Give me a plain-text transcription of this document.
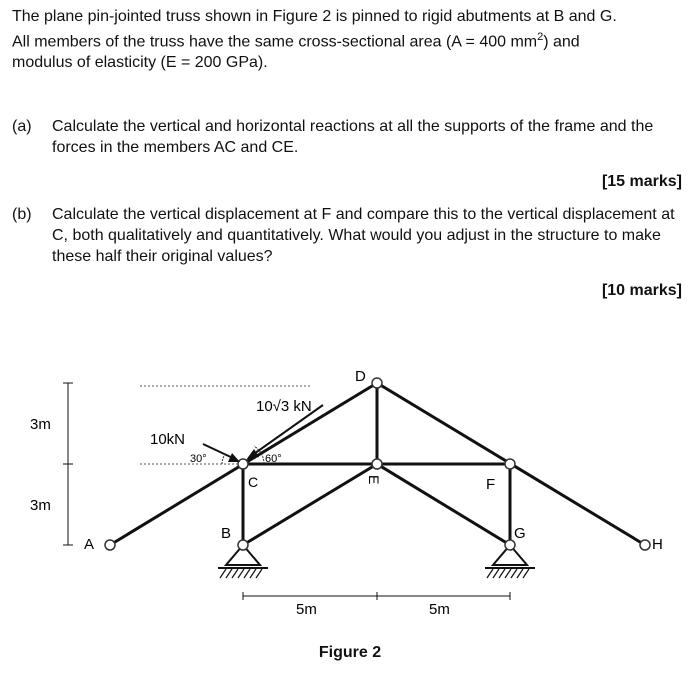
The plane pin-jointed truss shown in Figure 2 is pinned to rigid abutments at B and G.
All members of the truss have the same cross-sectional area (A = 400 $mm^2$) and
modulus of elasticity (E = 200 GPa).
(a) Calculate the vertical and horizontal reactions at all the supports of the frame and the forces in the members AC and CE.
[15 marks]
(b) Calculate the vertical displacement at F and compare this to the vertical displacement at C, both qualitatively and quantitatively. What would you adjust in the structure to make these half their original values?
[10 marks]
A
B
C
D
E	F
G
H
3m
3m
5m	5m
10√3 kN
10kN
30°	60°
Figure 2
